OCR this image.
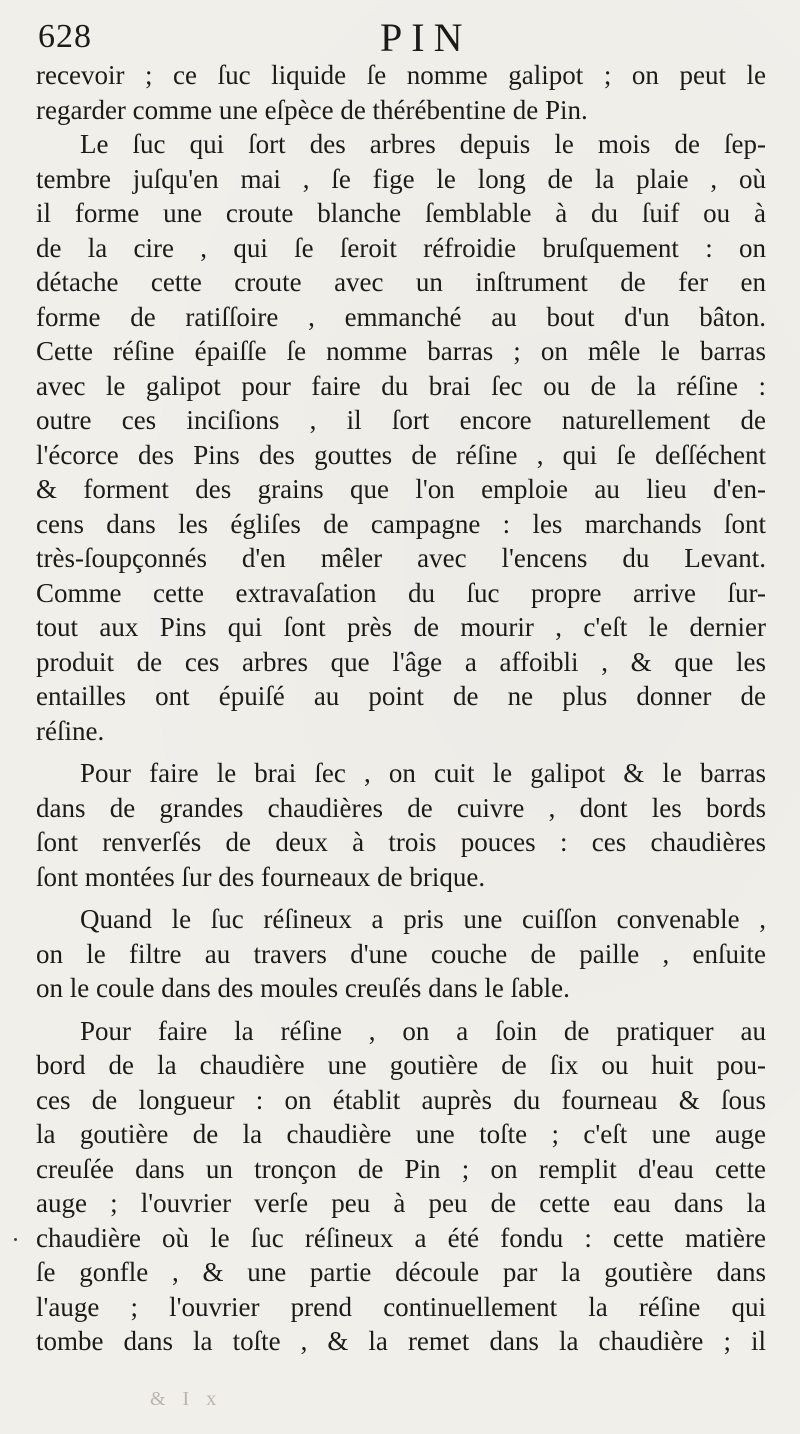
628	PIN
recevoir ; ce ſuc liquide ſe nomme galipot ; on peut le
regarder comme une eſpèce de thérébentine de Pin.
Le ſuc qui ſort des arbres depuis le mois de ſep-
tembre juſqu'en mai , ſe fige le long de la plaie , où
il forme une croute blanche ſemblable à du ſuif ou à
de la cire , qui ſe ſeroit réfroidie bruſquement : on
détache cette croute avec un inſtrument de fer en
forme de ratiſſoire , emmanché au bout d'un bâton.
Cette réſine épaiſſe ſe nomme barras ; on mêle le barras
avec le galipot pour faire du brai ſec ou de la réſine :
outre ces inciſions , il ſort encore naturellement de
l'écorce des Pins des gouttes de réſine , qui ſe deſſéchent
& forment des grains que l'on emploie au lieu d'en-
cens dans les égliſes de campagne : les marchands ſont
très-ſoupçonnés d'en mêler avec l'encens du Levant.
Comme cette extravaſation du ſuc propre arrive ſur-
tout aux Pins qui ſont près de mourir , c'eſt le dernier
produit de ces arbres que l'âge a affoibli , & que les
entailles ont épuiſé au point de ne plus donner de
réſine.
Pour faire le brai ſec , on cuit le galipot & le barras
dans de grandes chaudières de cuivre , dont les bords
ſont renverſés de deux à trois pouces : ces chaudières
ſont montées ſur des fourneaux de brique.
Quand le ſuc réſineux a pris une cuiſſon convenable ,
on le filtre au travers d'une couche de paille , enſuite
on le coule dans des moules creuſés dans le ſable.
Pour faire la réſine , on a ſoin de pratiquer au
bord de la chaudière une goutière de ſix ou huit pou-
ces de longueur : on établit auprès du fourneau & ſous
la goutière de la chaudière une toſte ; c'eſt une auge
creuſée dans un tronçon de Pin ; on remplit d'eau cette
auge ; l'ouvrier verſe peu à peu de cette eau dans la
chaudière où le ſuc réſineux a été fondu : cette matière
ſe gonfle , & une partie découle par la goutière dans
l'auge ; l'ouvrier prend continuellement la réſine qui
tombe dans la toſte , & la remet dans la chaudière ; il
& I x
